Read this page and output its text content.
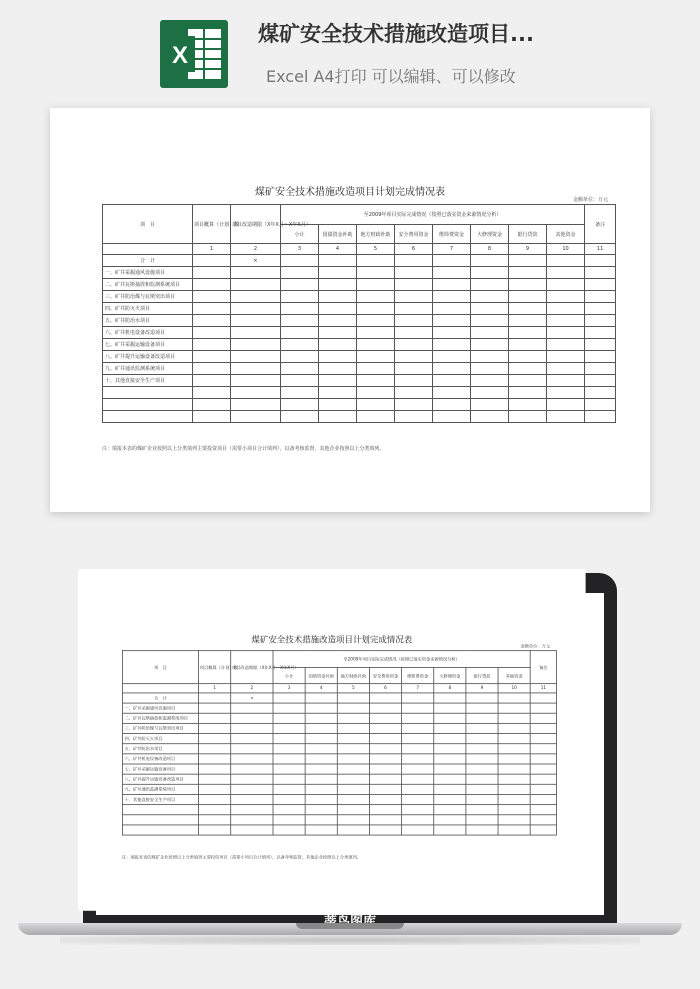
X
煤矿安全技术措施改造项目...
Excel A4打印 可以编辑、可以修改
煤矿安全技术措施改造项目计划完成情况表
金额单位：万元
项　目	项目概算（计划）数	项目改造期限（X年X月～X年X月）	至2009年项目实际完成情况（按照已落实资金来源情况分析）								备注
			小计	国债资金补助	地方财政补助	安全费用资金	维简费资金	大修理资金	银行贷款	其他资金	
	1	2	3	4	5	6	7	8	9	10	11
合　计		×									
一、矿井采掘通风设施项目											
二、矿井瓦斯抽放和监测系统项目											
三、矿井防治煤与瓦斯突出项目											
四、矿井防灭火项目											
五、矿井防治水项目											
六、矿井机电设备改造项目											
七、矿井采掘运输设备项目											
八、矿井提升运输设备改造项目											
九、矿井通讯监测系统项目											
十、其他直接安全生产项目											

注：填报本表的煤矿企业按照以上分类填列主要投资项目（需要小项目合计填列），以备考核监督，其他企业按照以上分类填列。
煤矿安全技术措施改造项目计划完成情况表
金额单位：万元
项　目	项目概算（计划）数	项目改造期限（X年X月～X年X月）	至2009年项目实际完成情况（按照已落实资金来源情况分析）								备注
			小计	国债资金补助	地方财政补助	安全费用资金	维简费资金	大修理资金	银行贷款	其他资金	
	1	2	3	4	5	6	7	8	9	10	11
合　计		×									
一、矿井采掘通风设施项目											
二、矿井瓦斯抽放和监测系统项目											
三、矿井防治煤与瓦斯突出项目											
四、矿井防灭火项目											
五、矿井防治水项目											
六、矿井机电设备改造项目											
七、矿井采掘运输设备项目											
八、矿井提升运输设备改造项目											
九、矿井通讯监测系统项目											
十、其他直接安全生产项目											

注：填报本表的煤矿企业按照以上分类填列主要投资项目（需要小项目合计填列），以备考核监督，其他企业按照以上分类填列。
